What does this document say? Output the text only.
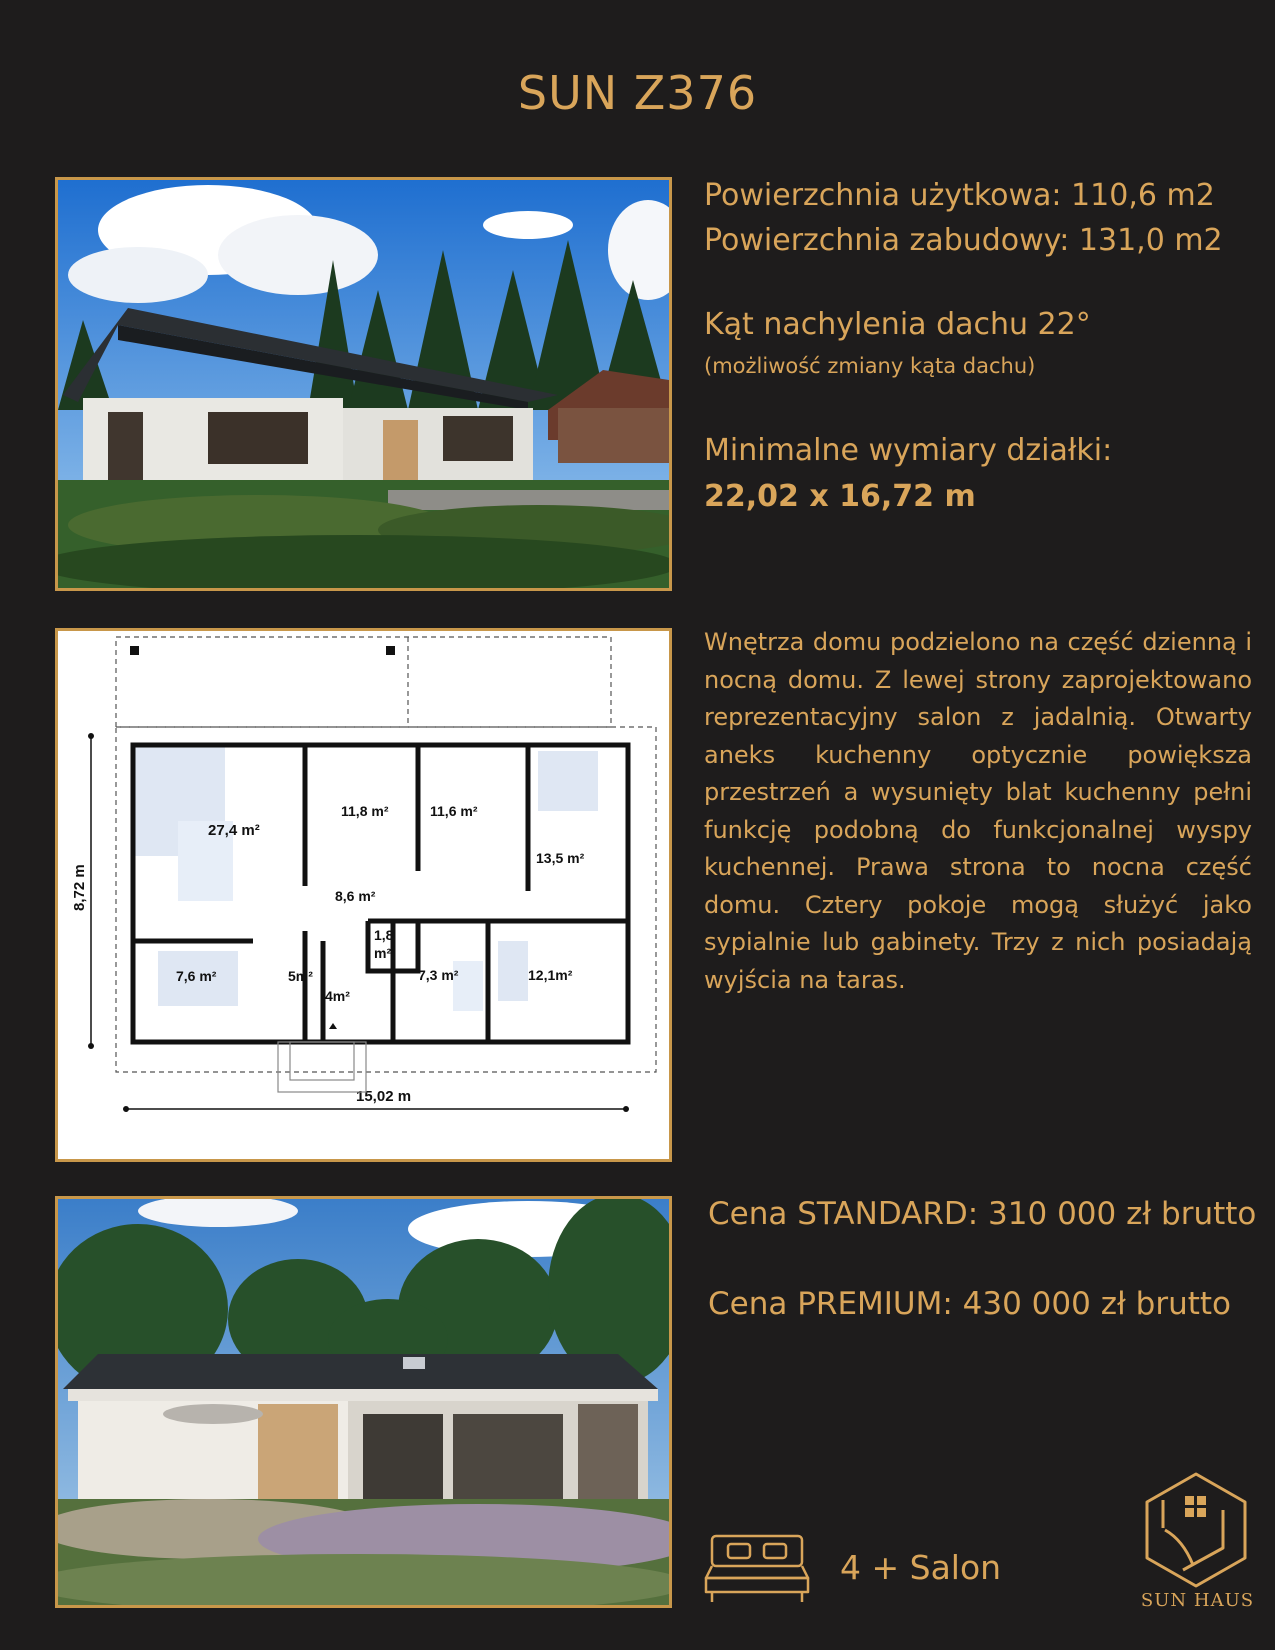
SUN Z376
Powierzchnia użytkowa: 110,6 m2
Powierzchnia zabudowy: 131,0 m2
Kąt nachylenia dachu 22°
(możliwość zmiany kąta dachu)
Minimalne wymiary działki:
22,02 x 16,72 m
27,4 m²
11,8 m²	11,6 m²
13,5 m²
8,6 m²
1,8
m²
7,6 m²	5m²
4m²
7,3 m²	12,1m²
15,02 m
8,72 m
Wnętrza domu podzielono na część dzienną i nocną domu. Z lewej strony zaprojektowano reprezentacyjny salon z jadalnią. Otwarty aneks kuchenny optycznie powiększa przestrzeń a wysunięty blat kuchenny pełni funkcję podobną do funkcjonalnej wyspy kuchennej. Prawa strona to nocna część domu. Cztery pokoje mogą służyć jako sypialnie lub gabinety. Trzy z nich posiadają wyjścia na taras.
Cena STANDARD: 310 000 zł brutto
Cena PREMIUM: 430 000 zł brutto
4 + Salon
SUN HAUS
